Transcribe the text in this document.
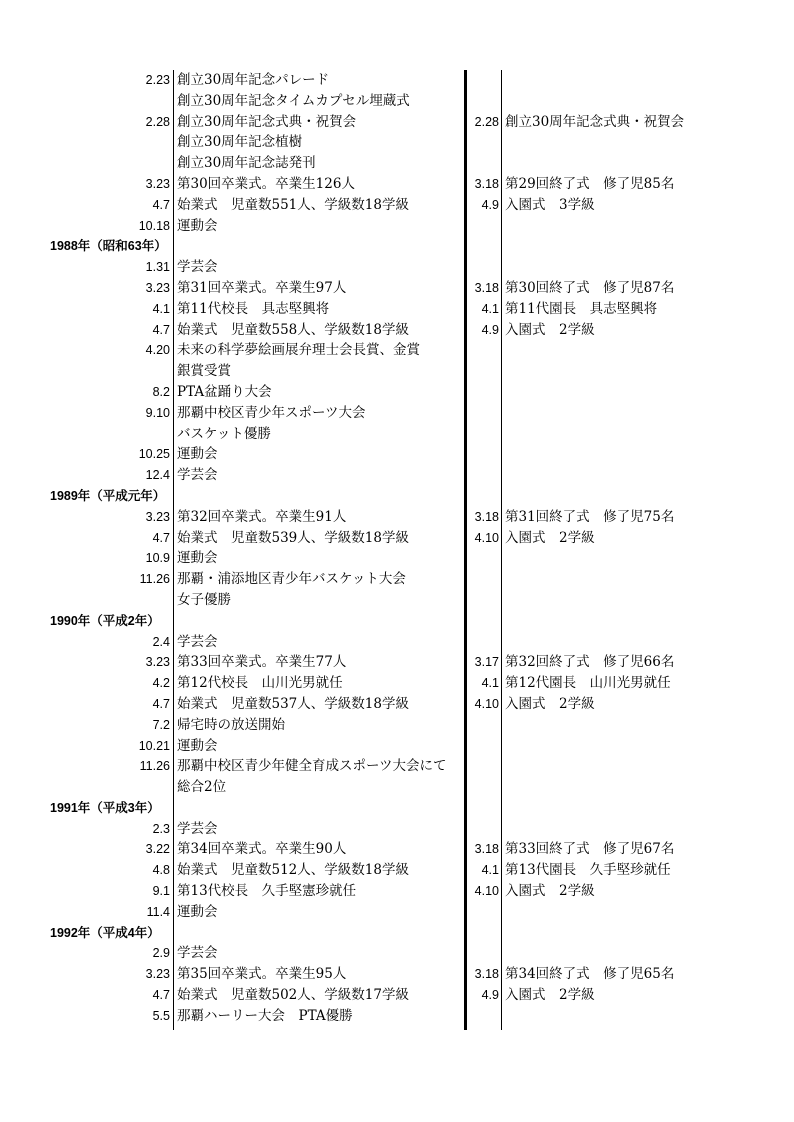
2.23 創立30周年記念パレード
創立30周年記念タイムカプセル埋蔵式
2.28 創立30周年記念式典・祝賀会	2.28 創立30周年記念式典・祝賀会
創立30周年記念植樹
創立30周年記念誌発刊
3.23 第30回卒業式。卒業生126人	3.18 第29回終了式　修了児85名
4.7 始業式　児童数551人、学級数18学級	4.9 入園式　3学級
10.18 運動会
1988年（昭和63年）
1.31 学芸会
3.23 第31回卒業式。卒業生97人	3.18 第30回終了式　修了児87名
4.1 第11代校長　具志堅興将	4.1 第11代園長　具志堅興将
4.7 始業式　児童数558人、学級数18学級	4.9 入園式　2学級
4.20 未来の科学夢絵画展弁理士会長賞、金賞
銀賞受賞
8.2 PTA盆踊り大会
9.10 那覇中校区青少年スポーツ大会
バスケット優勝
10.25 運動会
12.4 学芸会
1989年（平成元年）
3.23 第32回卒業式。卒業生91人	3.18 第31回終了式　修了児75名
4.7 始業式　児童数539人、学級数18学級	4.10 入園式　2学級
10.9 運動会
11.26 那覇・浦添地区青少年バスケット大会
女子優勝
1990年（平成2年）
2.4 学芸会
3.23 第33回卒業式。卒業生77人	3.17 第32回終了式　修了児66名
4.2 第12代校長　山川光男就任	4.1 第12代園長　山川光男就任
4.7 始業式　児童数537人、学級数18学級	4.10 入園式　2学級
7.2 帰宅時の放送開始
10.21 運動会
11.26 那覇中校区青少年健全育成スポーツ大会にて
総合2位
1991年（平成3年）
2.3 学芸会
3.22 第34回卒業式。卒業生90人	3.18 第33回終了式　修了児67名
4.8 始業式　児童数512人、学級数18学級	4.1 第13代園長　久手堅珍就任
9.1 第13代校長　久手堅憲珍就任	4.10 入園式　2学級
11.4 運動会
1992年（平成4年）
2.9 学芸会
3.23 第35回卒業式。卒業生95人	3.18 第34回終了式　修了児65名
4.7 始業式　児童数502人、学級数17学級	4.9 入園式　2学級
5.5 那覇ハーリー大会　PTA優勝
